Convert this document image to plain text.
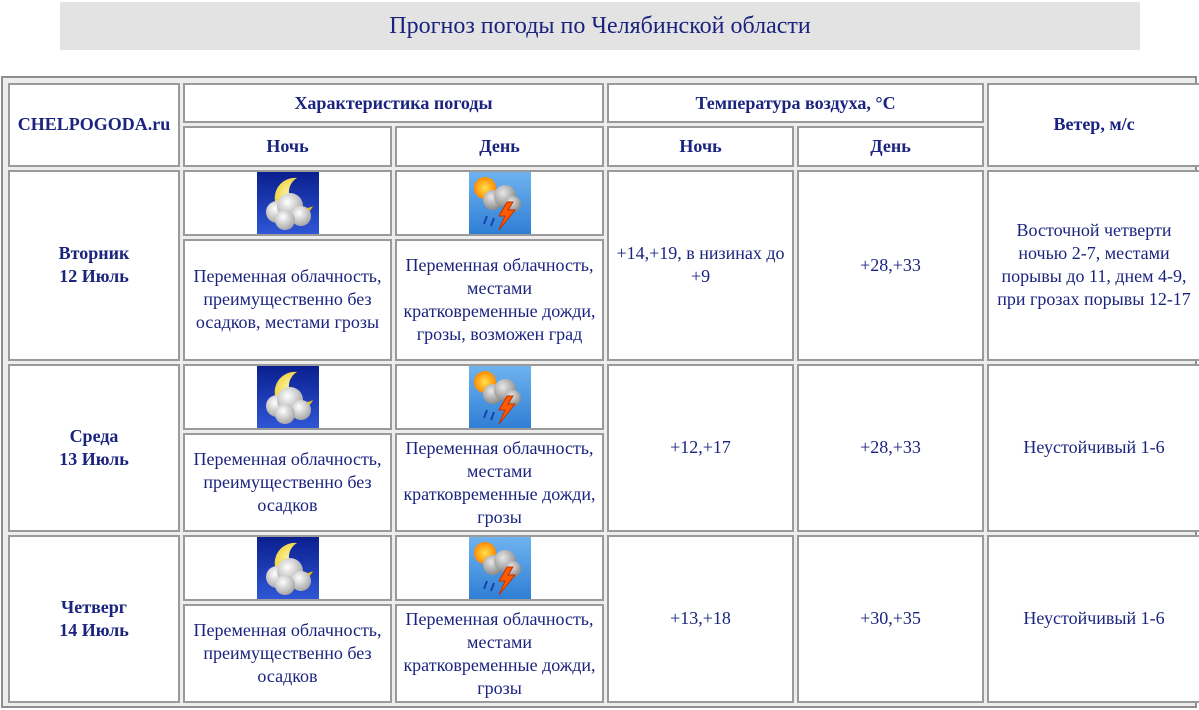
Прогноз погоды по Челябинской области
CHELPOGODA.ru	Характеристика погоды		Температура воздуха, °С		Ветер, м/с
	Ночь	День	Ночь	День	

Вторник
12 Июль			+14,+19, в низинах до +9	+28,+33	Восточной четверти ночью 2-7, местами порывы до 11, днем 4-9, при грозах порывы 12-17
	Переменная облачность, преимущественно без осадков, местами грозы	Переменная облачность, местами кратковременные дожди, грозы, возможен град			

Среда
13 Июль			+12,+17	+28,+33	Неустойчивый 1-6
	Переменная облачность, преимущественно без осадков	Переменная облачность, местами кратковременные дожди, грозы			

Четверг
14 Июль			+13,+18	+30,+35	Неустойчивый 1-6
	Переменная облачность, преимущественно без осадков	Переменная облачность, местами кратковременные дожди, грозы			
